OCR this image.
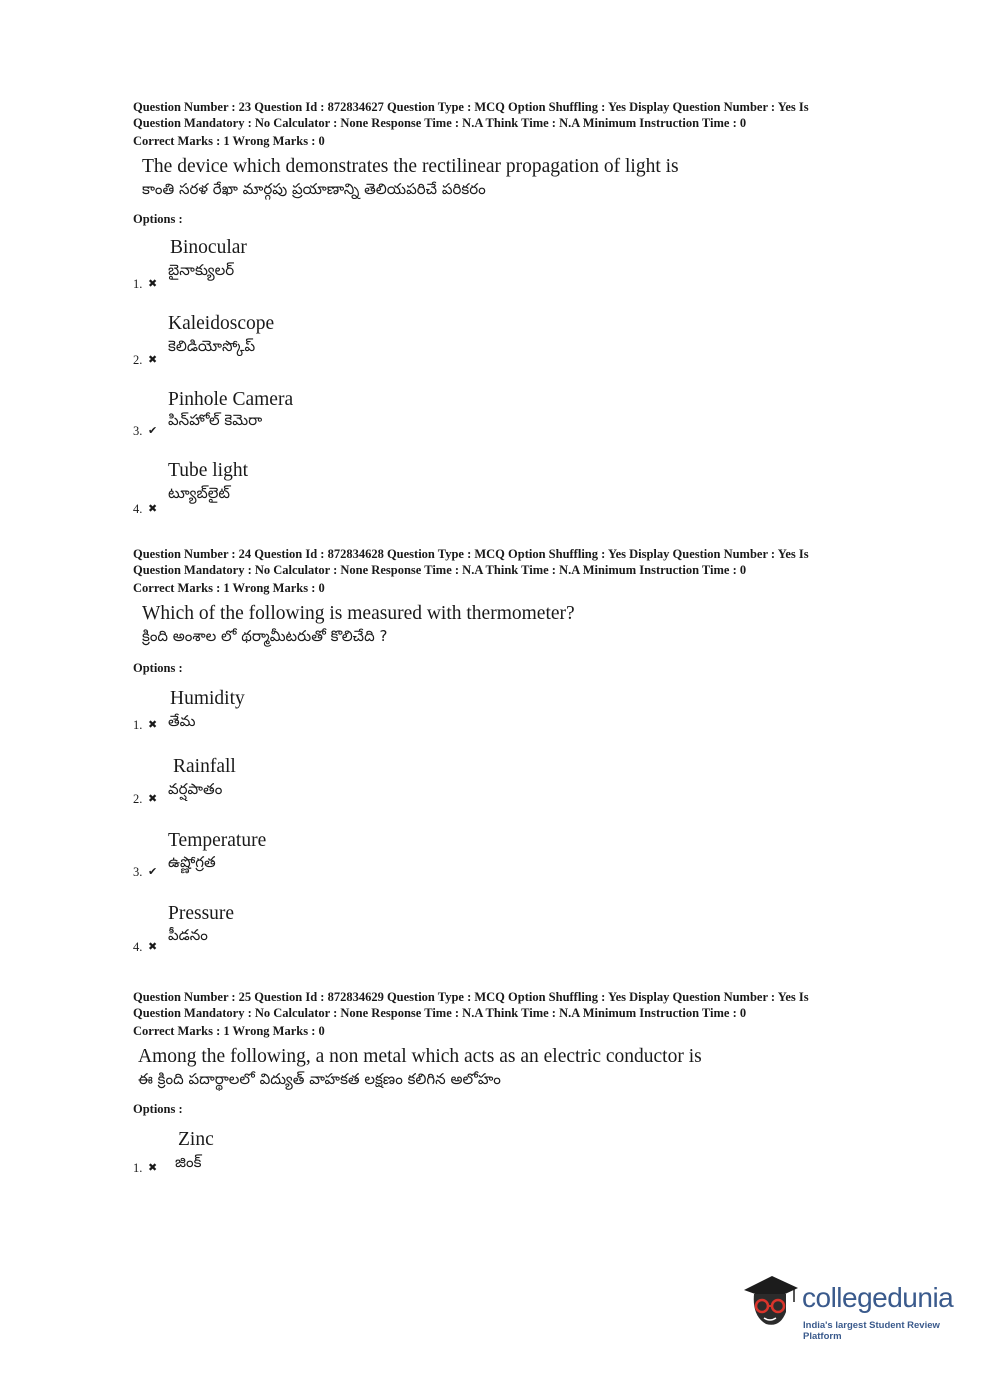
Question Number : 23 Question Id : 872834627 Question Type : MCQ Option Shuffling : Yes Display Question Number : Yes Is
Question Mandatory : No Calculator : None Response Time : N.A Think Time : N.A Minimum Instruction Time : 0
Correct Marks : 1 Wrong Marks : 0
The device which demonstrates the rectilinear propagation of light is
కాంతి సరళ రేఖా మార్గపు ప్రయాణాన్ని తెలియపరిచే పరికరం
Options :
Binocular
బైనాక్యులర్
1. ✖
Kaleidoscope
కెలిడియోస్కోప్
2. ✖
Pinhole Camera
పిన్‌హోల్ కెమెరా
3. ✔
Tube light
ట్యూబ్‌లైట్
4. ✖
Question Number : 24 Question Id : 872834628 Question Type : MCQ Option Shuffling : Yes Display Question Number : Yes Is
Question Mandatory : No Calculator : None Response Time : N.A Think Time : N.A Minimum Instruction Time : 0
Correct Marks : 1 Wrong Marks : 0
Which of the following is measured with thermometer?
క్రింది అంశాల లో థర్మామీటరుతో కొలిచేది ?
Options :
Humidity
తేమ
1. ✖
Rainfall
వర్షపాతం
2. ✖
Temperature
ఉష్ణోగ్రత
3. ✔
Pressure
పీడనం
4. ✖
Question Number : 25 Question Id : 872834629 Question Type : MCQ Option Shuffling : Yes Display Question Number : Yes Is
Question Mandatory : No Calculator : None Response Time : N.A Think Time : N.A Minimum Instruction Time : 0
Correct Marks : 1 Wrong Marks : 0
Among the following, a non metal which acts as an electric conductor is
ఈ క్రింది పదార్థాలలో విద్యుత్ వాహకత లక్షణం కలిగిన అలోహం
Options :
Zinc
జింక్
1. ✖
collegedunia
India's largest Student Review Platform
